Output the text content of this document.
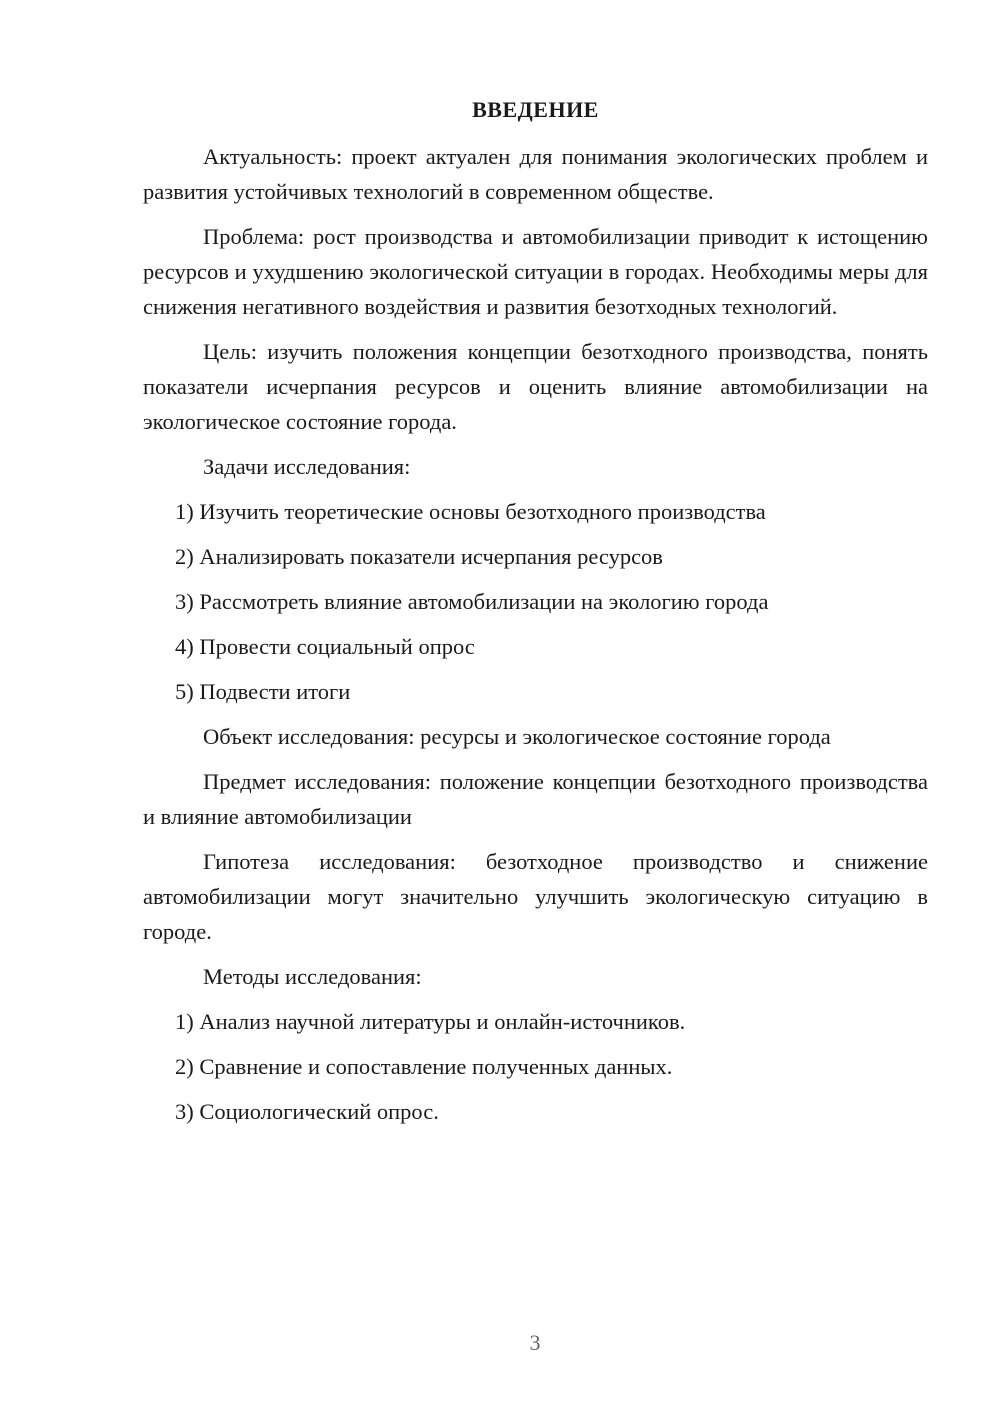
ВВЕДЕНИЕ

Актуальность: проект актуален для понимания экологических проблем и развития устойчивых технологий в современном обществе.

Проблема: рост производства и автомобилизации приводит к истощению ресурсов и ухудшению экологической ситуации в городах. Необходимы меры для снижения негативного воздействия и развития безотходных технологий.

Цель: изучить положения концепции безотходного производства, понять показатели исчерпания ресурсов и оценить влияние автомобилизации на экологическое состояние города.

Задачи исследования:

1) Изучить теоретические основы безотходного производства
2) Анализировать показатели исчерпания ресурсов
3) Рассмотреть влияние автомобилизации на экологию города
4) Провести социальный опрос
5) Подвести итоги

Объект исследования: ресурсы и экологическое состояние города

Предмет исследования: положение концепции безотходного производства и влияние автомобилизации

Гипотеза исследования: безотходное производство и снижение автомобилизации могут значительно улучшить экологическую ситуацию в городе.

Методы исследования:

1) Анализ научной литературы и онлайн-источников.
2) Сравнение и сопоставление полученных данных.
3) Социологический опрос.
3
